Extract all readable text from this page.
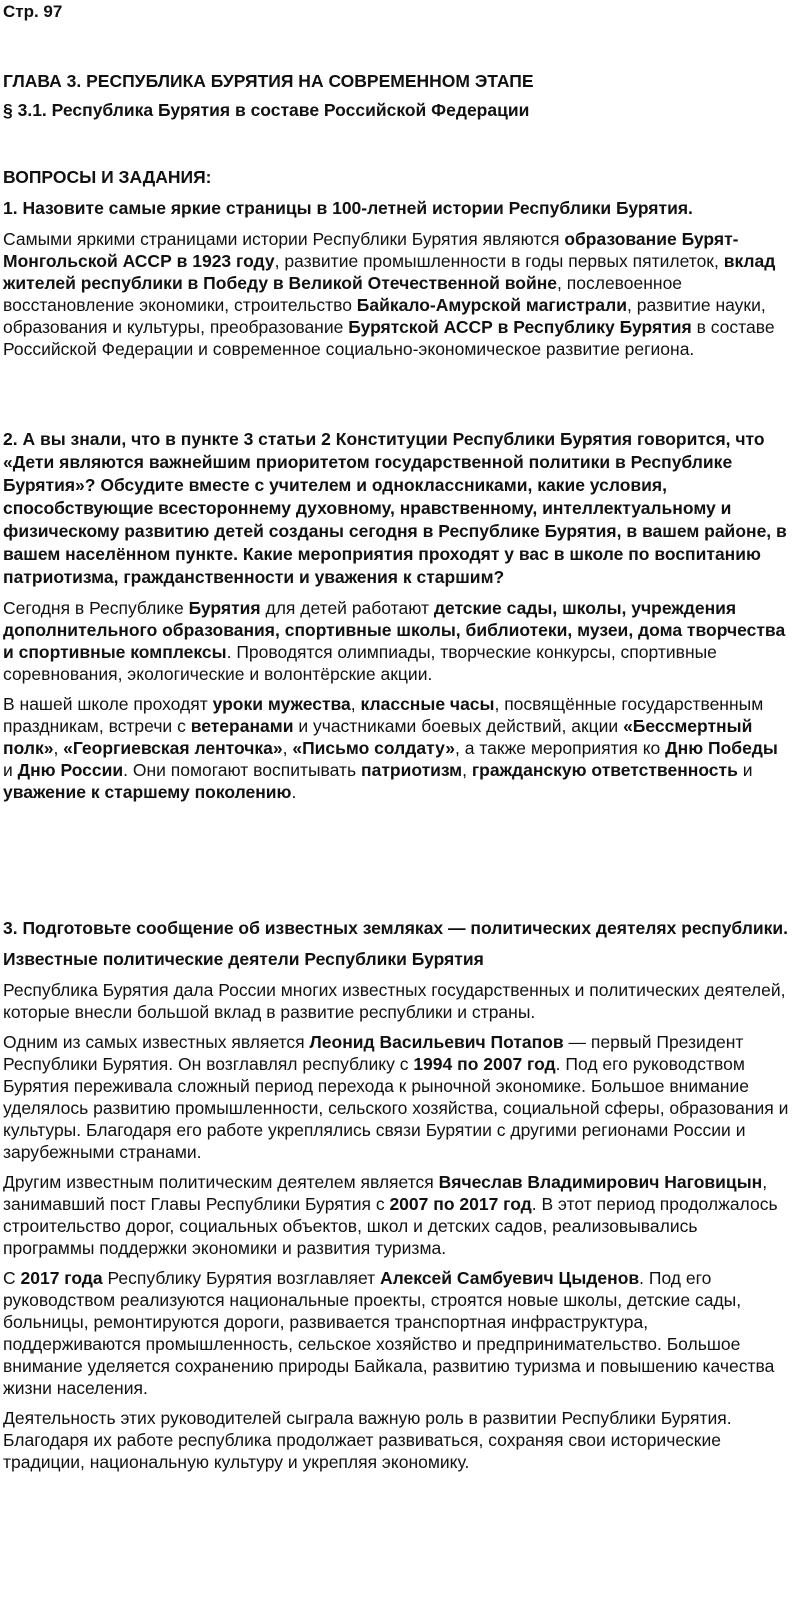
Стр. 97
ГЛАВА 3. РЕСПУБЛИКА БУРЯТИЯ НА СОВРЕМЕННОМ ЭТАПЕ
§ 3.1. Республика Бурятия в составе Российской Федерации
ВОПРОСЫ И ЗАДАНИЯ:

1. Назовите самые яркие страницы в 100-летней истории Республики Бурятия.

Самыми яркими страницами истории Республики Бурятия являются образование Бурят-Монгольской АССР в 1923 году, развитие промышленности в годы первых пятилеток, вклад жителей республики в Победу в Великой Отечественной войне, послевоенное восстановление экономики, строительство Байкало-Амурской магистрали, развитие науки, образования и культуры, преобразование Бурятской АССР в Республику Бурятия в составе Российской Федерации и современное социально-экономическое развитие региона.

2. А вы знали, что в пункте 3 статьи 2 Конституции Республики Бурятия говорится, что «Дети являются важнейшим приоритетом государственной политики в Республике Бурятия»? Обсудите вместе с учителем и одноклассниками, какие условия, способствующие всестороннему духовному, нравственному, интеллектуальному и физическому развитию детей созданы сегодня в Республике Бурятия, в вашем районе, в вашем населённом пункте. Какие мероприятия проходят у вас в школе по воспитанию патриотизма, гражданственности и уважения к старшим?

Сегодня в Республике Бурятия для детей работают детские сады, школы, учреждения дополнительного образования, спортивные школы, библиотеки, музеи, дома творчества и спортивные комплексы. Проводятся олимпиады, творческие конкурсы, спортивные соревнования, экологические и волонтёрские акции.

В нашей школе проходят уроки мужества, классные часы, посвящённые государственным праздникам, встречи с ветеранами и участниками боевых действий, акции «Бессмертный полк», «Георгиевская ленточка», «Письмо солдату», а также мероприятия ко Дню Победы и Дню России. Они помогают воспитывать патриотизм, гражданскую ответственность и уважение к старшему поколению.

3. Подготовьте сообщение об известных земляках — политических деятелях республики.

Известные политические деятели Республики Бурятия

Республика Бурятия дала России многих известных государственных и политических деятелей, которые внесли большой вклад в развитие республики и страны.

Одним из самых известных является Леонид Васильевич Потапов — первый Президент Республики Бурятия. Он возглавлял республику с 1994 по 2007 год. Под его руководством Бурятия переживала сложный период перехода к рыночной экономике. Большое внимание уделялось развитию промышленности, сельского хозяйства, социальной сферы, образования и культуры. Благодаря его работе укреплялись связи Бурятии с другими регионами России и зарубежными странами.

Другим известным политическим деятелем является Вячеслав Владимирович Наговицын, занимавший пост Главы Республики Бурятия с 2007 по 2017 год. В этот период продолжалось строительство дорог, социальных объектов, школ и детских садов, реализовывались программы поддержки экономики и развития туризма.

С 2017 года Республику Бурятия возглавляет Алексей Самбуевич Цыденов. Под его руководством реализуются национальные проекты, строятся новые школы, детские сады, больницы, ремонтируются дороги, развивается транспортная инфраструктура, поддерживаются промышленность, сельское хозяйство и предпринимательство. Большое внимание уделяется сохранению природы Байкала, развитию туризма и повышению качества жизни населения.

Деятельность этих руководителей сыграла важную роль в развитии Республики Бурятия. Благодаря их работе республика продолжает развиваться, сохраняя свои исторические традиции, национальную культуру и укрепляя экономику.
